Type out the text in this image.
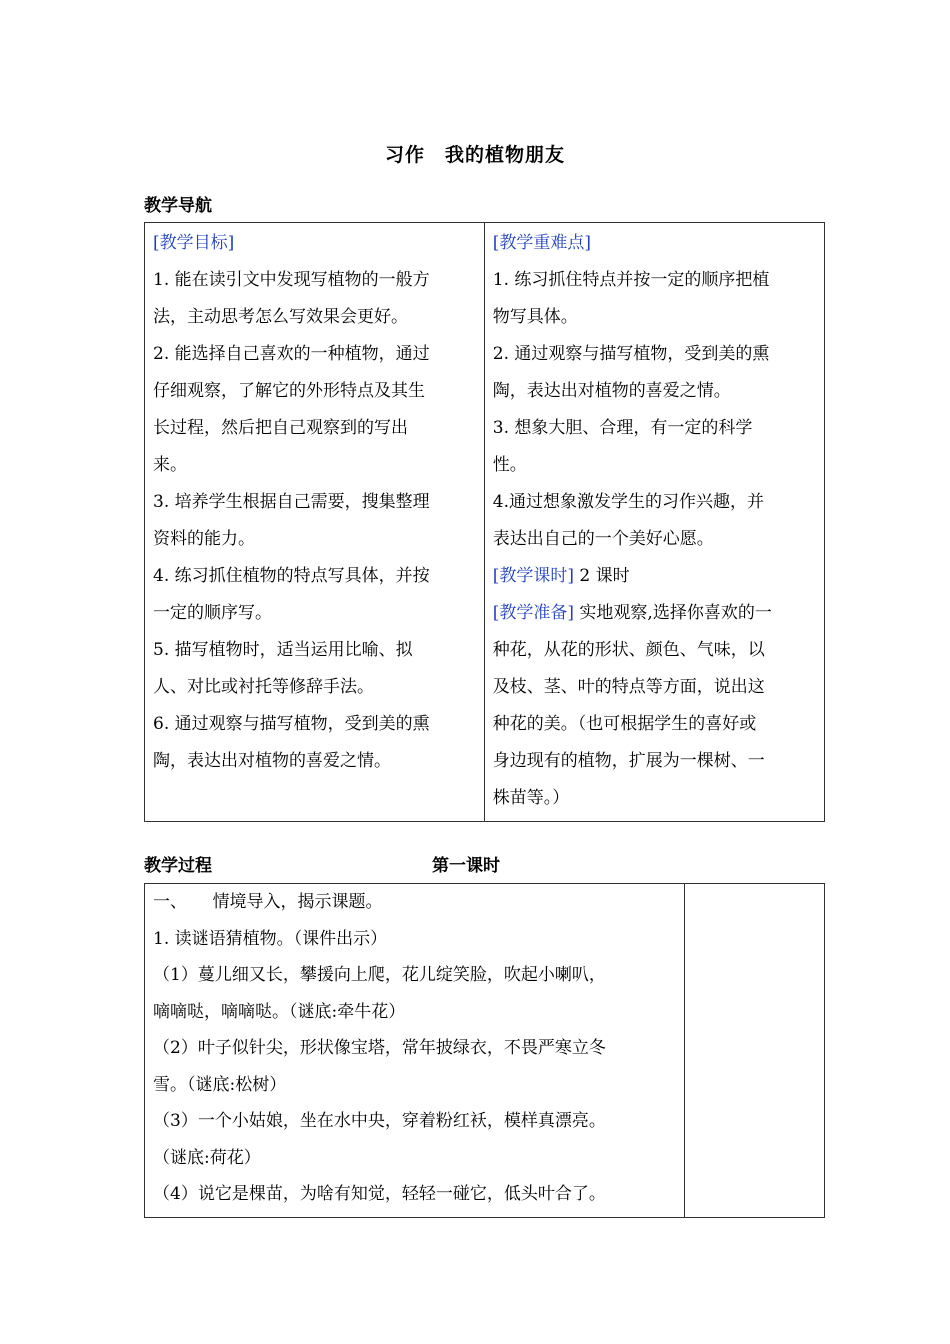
习作　我的植物朋友
教学导航
[教学目标]
1. 能在读引文中发现写植物的一般方
法，主动思考怎么写效果会更好。
2. 能选择自己喜欢的一种植物，通过
仔细观察，了解它的外形特点及其生
长过程，然后把自己观察到的写出
来。
3. 培养学生根据自己需要，搜集整理
资料的能力。
4. 练习抓住植物的特点写具体，并按
一定的顺序写。
5. 描写植物时，适当运用比喻、拟
人、对比或衬托等修辞手法。
6. 通过观察与描写植物，受到美的熏
陶，表达出对植物的喜爱之情。

[教学重难点]
1. 练习抓住特点并按一定的顺序把植
物写具体。
2. 通过观察与描写植物，受到美的熏
陶，表达出对植物的喜爱之情。
3. 想象大胆、合理，有一定的科学
性。
4.通过想象激发学生的习作兴趣，并
表达出自己的一个美好心愿。
[教学课时] 2 课时
[教学准备] 实地观察,选择你喜欢的一
种花，从花的形状、颜色、气味，以
及枝、茎、叶的特点等方面，说出这
种花的美。（也可根据学生的喜好或
身边现有的植物，扩展为一棵树、一
株苗等。）
教学过程	第一课时
一、　　情境导入，揭示课题。
1. 读谜语猜植物。（课件出示）
（1）蔓儿细又长，攀援向上爬，花儿绽笑脸，吹起小喇叭，
嘀嘀哒，嘀嘀哒。（谜底:牵牛花）
（2）叶子似针尖，形状像宝塔，常年披绿衣，不畏严寒立冬
雪。（谜底:松树）
（3）一个小姑娘，坐在水中央，穿着粉红袄，模样真漂亮。
（谜底:荷花）
（4）说它是棵苗，为啥有知觉，轻轻一碰它，低头叶合了。
